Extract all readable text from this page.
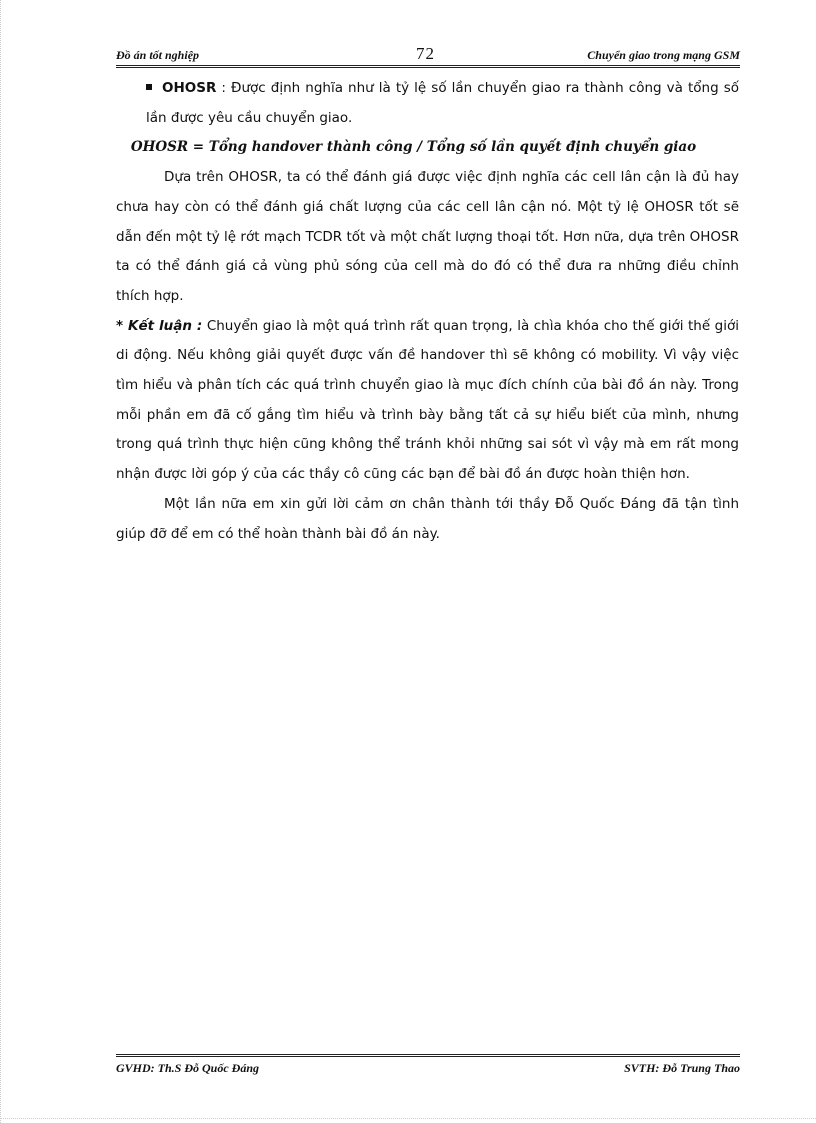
Đồ án tốt nghiệp	72	Chuyển giao trong mạng GSM

OHOSR : Được định nghĩa như là tỷ lệ số lần chuyển giao ra thành công và tổng số lần được yêu cầu chuyển giao.

OHOSR = Tổng handover thành công / Tổng số lần quyết định chuyển giao

Dựa trên OHOSR, ta có thể đánh giá được việc định nghĩa các cell lân cận là đủ hay chưa hay còn có thể đánh giá chất lượng của các cell lân cận nó. Một tỷ lệ OHOSR tốt sẽ dẫn đến một tỷ lệ rớt mạch TCDR tốt và một chất lượng thoại tốt. Hơn nữa, dựa trên OHOSR ta có thể đánh giá cả vùng phủ sóng của cell mà do đó có thể đưa ra những điều chỉnh thích hợp.

* Kết luận : Chuyển giao là một quá trình rất quan trọng, là chìa khóa cho thế giới thế giới di động. Nếu không giải quyết được vấn đề handover thì sẽ không có mobility. Vì vậy việc tìm hiểu và phân tích các quá trình chuyển giao là mục đích chính của bài đồ án này. Trong mỗi phần em đã cố gắng tìm hiểu và trình bày bằng tất cả sự hiểu biết của mình, nhưng trong quá trình thực hiện cũng không thể tránh khỏi những sai sót vì vậy mà em rất mong nhận được lời góp ý của các thầy cô cũng các bạn để bài đồ án được hoàn thiện hơn.

Một lần nữa em xin gửi lời cảm ơn chân thành tới thầy Đỗ Quốc Đáng đã tận tình giúp đỡ để em có thể hoàn thành bài đồ án này.

GVHD: Th.S Đỗ Quốc Đáng	SVTH: Đỗ Trung Thao
